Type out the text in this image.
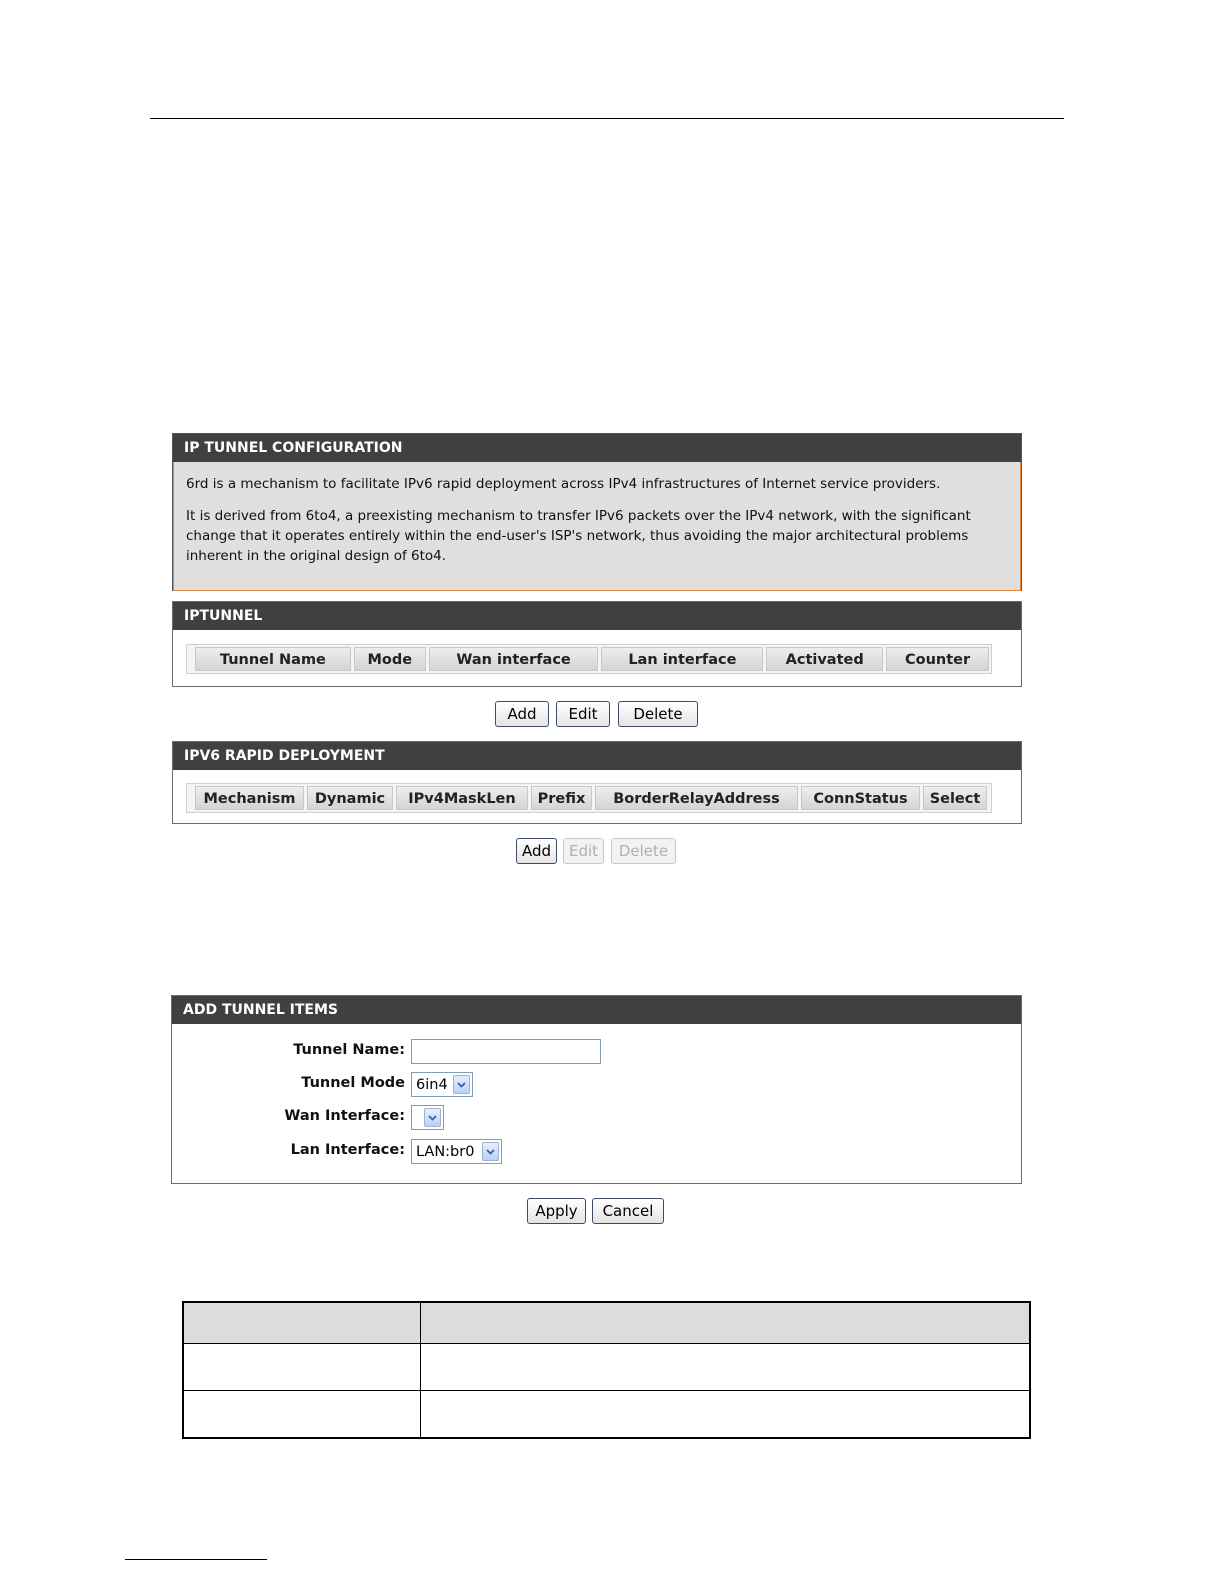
IP TUNNEL CONFIGURATION

6rd is a mechanism to facilitate IPv6 rapid deployment across IPv4 infrastructures of Internet service providers.

It is derived from 6to4, a preexisting mechanism to transfer IPv6 packets over the IPv4 network, with the significant change that it operates entirely within the end-user's ISP's network, thus avoiding the major architectural problems inherent in the original design of 6to4.

IPTUNNEL
Tunnel Name	Mode	Wan interface	Lan interface	Activated	Counter
Add	Edit	Delete
IPV6 RAPID DEPLOYMENT
Mechanism	Dynamic	IPv4MaskLen	Prefix	BorderRelayAddress	ConnStatus	Select
Add	Edit	Delete
ADD TUNNEL ITEMS
Tunnel Name:
Tunnel Mode 6in4
Wan Interface:
Lan Interface: LAN:br0
Apply	Cancel
